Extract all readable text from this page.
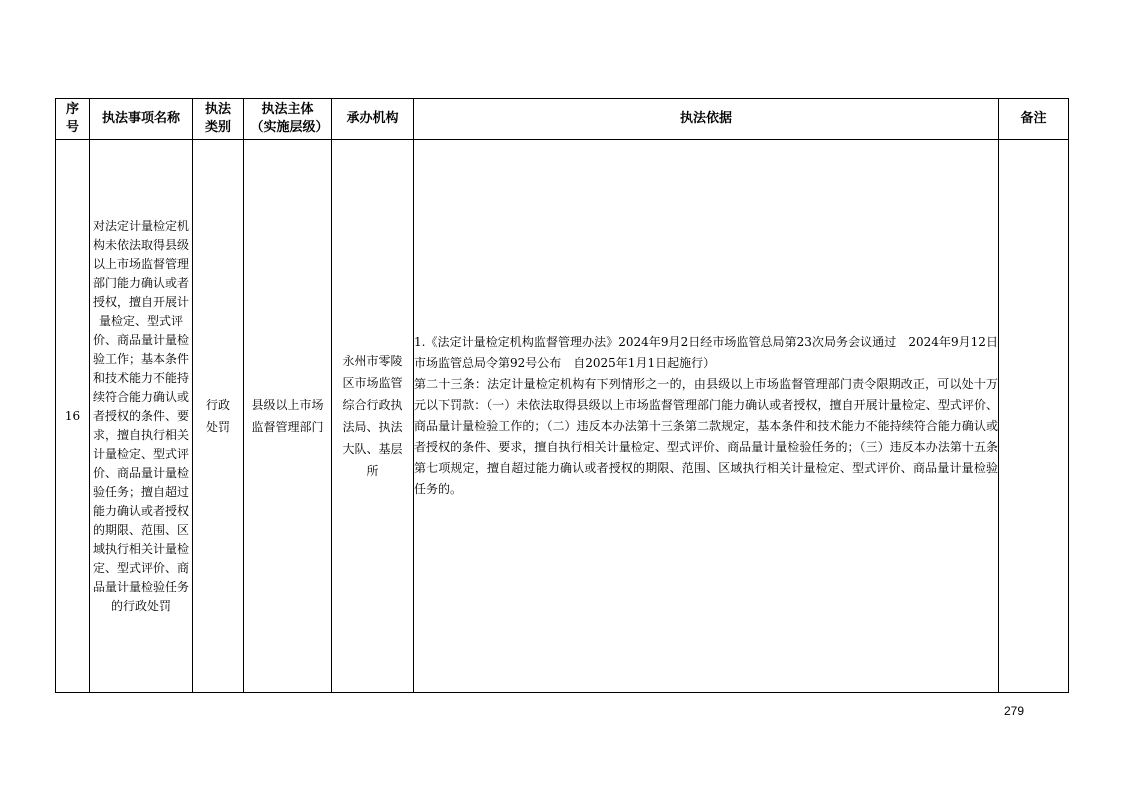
序号	执法事项名称	执法类别	执法主体（实施层级）	承办机构	执法依据	备注
16	对法定计量检定机构未依法取得县级以上市场监督管理部门能力确认或者授权，擅自开展计量检定、型式评价、商品量计量检验工作；基本条件和技术能力不能持续符合能力确认或者授权的条件、要求，擅自执行相关计量检定、型式评价、商品量计量检验任务；擅自超过能力确认或者授权的期限、范围、区域执行相关计量检定、型式评价、商品量计量检验任务的行政处罚	行政处罚	县级以上市场监督管理部门	永州市零陵区市场监管综合行政执法局、执法大队、基层所	1.《法定计量检定机构监督管理办法》2024年9月2日经市场监管总局第23次局务会议通过　2024年9月12日市场监管总局令第92号公布　自2025年1月1日起施行）
第二十三条：法定计量检定机构有下列情形之一的，由县级以上市场监督管理部门责令限期改正，可以处十万元以下罚款：（一）未依法取得县级以上市场监督管理部门能力确认或者授权，擅自开展计量检定、型式评价、商品量计量检验工作的；（二）违反本办法第十三条第二款规定，基本条件和技术能力不能持续符合能力确认或者授权的条件、要求，擅自执行相关计量检定、型式评价、商品量计量检验任务的；（三）违反本办法第十五条第七项规定，擅自超过能力确认或者授权的期限、范围、区域执行相关计量检定、型式评价、商品量计量检验任务的。	

279
